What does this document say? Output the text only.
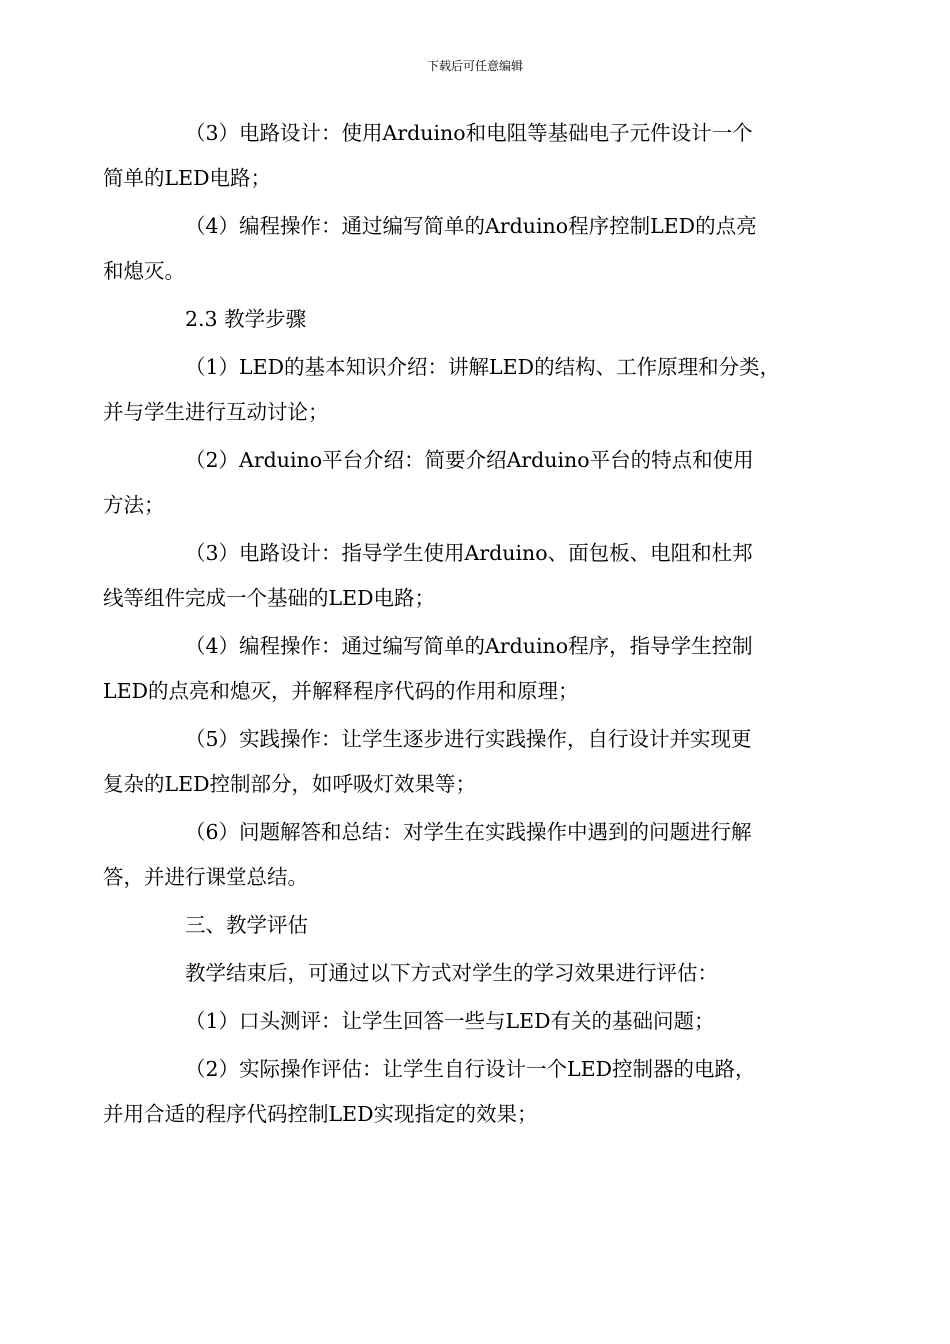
下载后可任意编辑
（3）电路设计：使用Arduino和电阻等基础电子元件设计一个
简单的LED电路；
（4）编程操作：通过编写简单的Arduino程序控制LED的点亮
和熄灭。
2.3 教学步骤
（1）LED的基本知识介绍：讲解LED的结构、工作原理和分类，
并与学生进行互动讨论；
（2）Arduino平台介绍：简要介绍Arduino平台的特点和使用
方法；
（3）电路设计：指导学生使用Arduino、面包板、电阻和杜邦
线等组件完成一个基础的LED电路；
（4）编程操作：通过编写简单的Arduino程序，指导学生控制
LED的点亮和熄灭，并解释程序代码的作用和原理；
（5）实践操作：让学生逐步进行实践操作，自行设计并实现更
复杂的LED控制部分，如呼吸灯效果等；
（6）问题解答和总结：对学生在实践操作中遇到的问题进行解
答，并进行课堂总结。
三、教学评估
教学结束后，可通过以下方式对学生的学习效果进行评估：
（1）口头测评：让学生回答一些与LED有关的基础问题；
（2）实际操作评估：让学生自行设计一个LED控制器的电路，
并用合适的程序代码控制LED实现指定的效果；
